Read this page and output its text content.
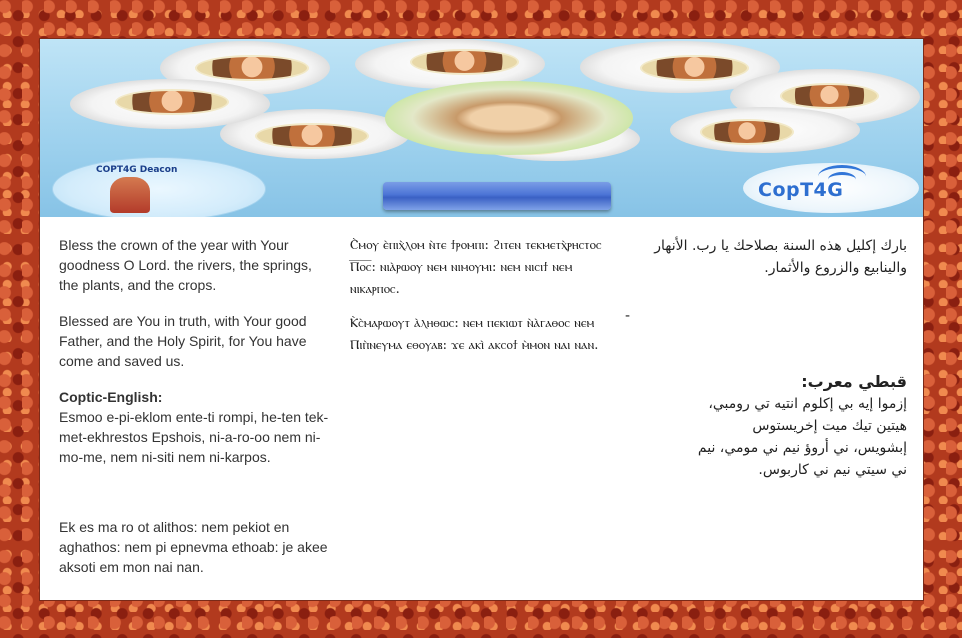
COPT4G Deacon
CopT4G

Bless the crown of the year with Your goodness O Lord. the rivers, the springs, the plants, and the crops.

Blessed are You in truth, with Your good Father, and the Holy Spirit, for You have come and saved us.

Coptic-English:

Esmoo e-pi-eklom ente-ti rompi, he-ten tek-met-ekhrestos Epshois, ni-a-ro-oo nem ni-mo-me, nem ni-siti nem ni-karpos.

Ek es ma ro ot alithos: nem pekiot en aghathos: nem pi epnevma ethoab: je akee aksoti em mon nai nan.

Ⲥ̀ⲙⲟⲩ ⲉ̀ⲡⲓⲭ̀ⲗⲟⲙ ⲛ̀ⲧⲉ ϯⲣⲟⲙⲡⲓ: ϩⲓⲧⲉⲛ ⲧⲉⲕⲙⲉⲧⲭ̀ⲣⲏⲥⲧⲟⲥ Ⲡ̅ⲟ̅ⲥ̅: ⲛⲓⲁ̀ⲣⲱⲟⲩ ⲛⲉⲙ ⲛⲓⲙⲟⲩⲙⲓ: ⲛⲉⲙ ⲛⲓⲥⲓϯ ⲛⲉⲙ ⲛⲓⲕⲁⲣⲡⲟⲥ.

Ⲕ̀ⲥ̀ⲙⲁⲣⲱⲟⲩⲧ ⲁ̀ⲗⲏⲑⲱⲥ: ⲛⲉⲙ ⲡⲉⲕⲓⲱⲧ ⲛ̀ⲁ̀ⲅⲁⲑⲟⲥ ⲛⲉⲙ Ⲡⲓⲡ̀ⲛⲉⲩⲙⲁ ⲉⲑⲟⲩⲁⲃ: ϫⲉ ⲁⲕⲓ̀ ⲁⲕⲥⲟϯ ⲙ̀ⲙⲟⲛ ⲛⲁⲓ ⲛⲁⲛ.

بارك إكليل هذه السنة بصلاحك يا رب. الأنهار والينابيع والزروع والأثمار.

-

قبطي معرب:

إزموا إيه بي إكلوم انتيه تي رومبي،

هيتين تيك ميت إخريستوس

إبشويس، ني أروؤ نيم ني مومي، نيم

ني سيتي نيم ني كاربوس.
